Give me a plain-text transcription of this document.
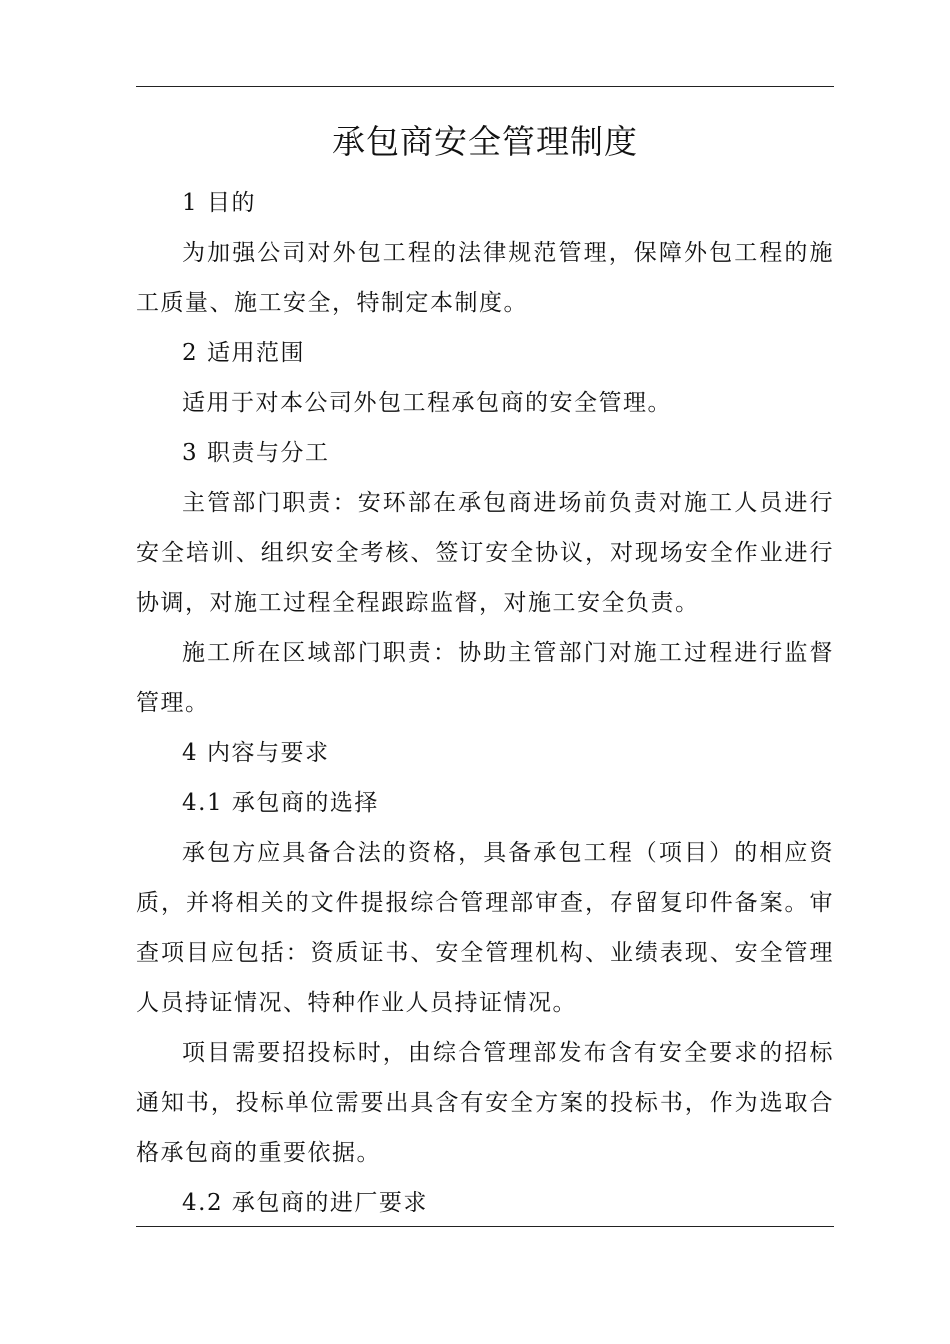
承包商安全管理制度

1 目的

为加强公司对外包工程的法律规范管理，保障外包工程的施工质量、施工安全，特制定本制度。

2 适用范围

适用于对本公司外包工程承包商的安全管理。

3 职责与分工

主管部门职责：安环部在承包商进场前负责对施工人员进行安全培训、组织安全考核、签订安全协议，对现场安全作业进行协调，对施工过程全程跟踪监督，对施工安全负责。

施工所在区域部门职责：协助主管部门对施工过程进行监督管理。

4 内容与要求

4.1 承包商的选择

承包方应具备合法的资格，具备承包工程（项目）的相应资质，并将相关的文件提报综合管理部审查，存留复印件备案。审查项目应包括：资质证书、安全管理机构、业绩表现、安全管理人员持证情况、特种作业人员持证情况。

项目需要招投标时，由综合管理部发布含有安全要求的招标通知书，投标单位需要出具含有安全方案的投标书，作为选取合格承包商的重要依据。

4.2 承包商的进厂要求
